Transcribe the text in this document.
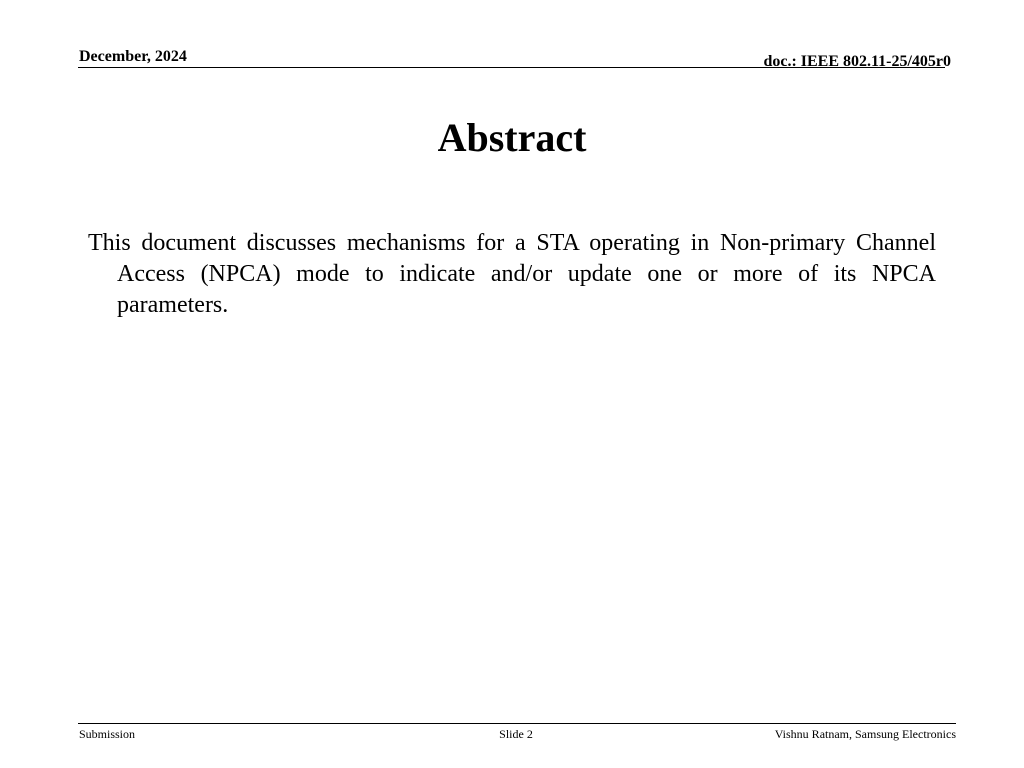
December, 2024	doc.: IEEE 802.11-25/405r0
Abstract
This document discusses mechanisms for a STA operating in Non-primary Channel Access (NPCA) mode to indicate and/or update one or more of its NPCA parameters.
Submission	Slide 2	Vishnu Ratnam, Samsung Electronics
